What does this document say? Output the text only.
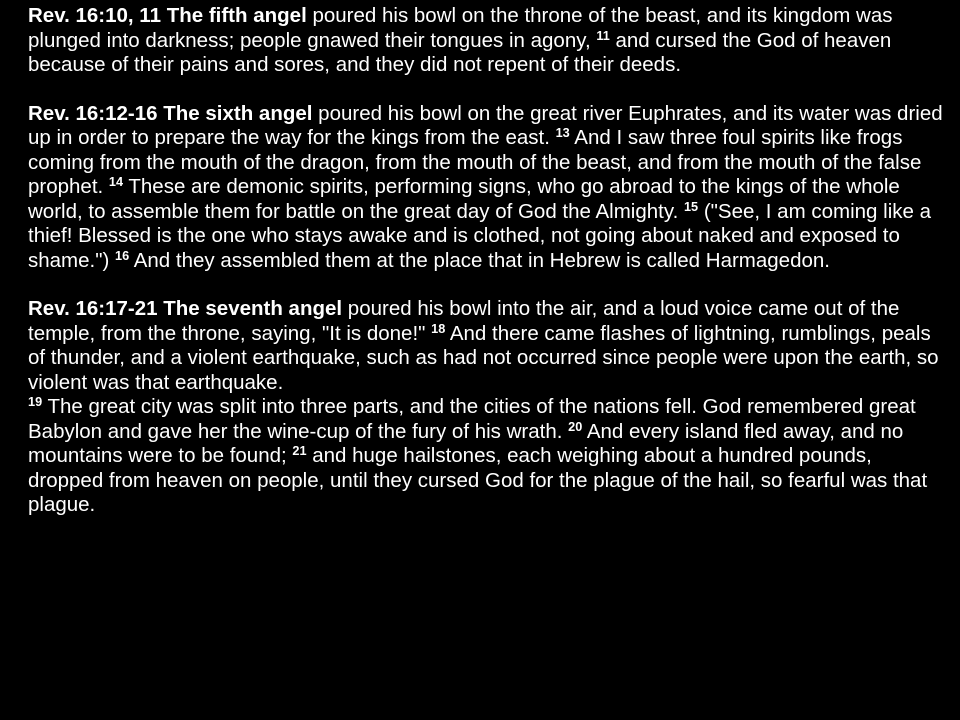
Rev. 16:10, 11 The fifth angel poured his bowl on the throne of the beast, and its kingdom was plunged into darkness; people gnawed their tongues in agony, $^{11}$ and cursed the God of heaven because of their pains and sores, and they did not repent of their deeds.

Rev. 16:12-16 The sixth angel poured his bowl on the great river Euphrates, and its water was dried up in order to prepare the way for the kings from the east. $^{13}$ And I saw three foul spirits like frogs coming from the mouth of the dragon, from the mouth of the beast, and from the mouth of the false prophet. $^{14}$ These are demonic spirits, performing signs, who go abroad to the kings of the whole world, to assemble them for battle on the great day of God the Almighty. $^{15}$ ("See, I am coming like a thief! Blessed is the one who stays awake and is clothed, not going about naked and exposed to shame.") $^{16}$ And they assembled them at the place that in Hebrew is called Harmagedon.

Rev. 16:17-21 The seventh angel poured his bowl into the air, and a loud voice came out of the temple, from the throne, saying, "It is done!" $^{18}$ And there came flashes of lightning, rumblings, peals of thunder, and a violent earthquake, such as had not occurred since people were upon the earth, so violent was that earthquake.
$^{19}$ The great city was split into three parts, and the cities of the nations fell. God remembered great Babylon and gave her the wine-cup of the fury of his wrath. $^{20}$ And every island fled away, and no mountains were to be found; $^{21}$ and huge hailstones, each weighing about a hundred pounds, dropped from heaven on people, until they cursed God for the plague of the hail, so fearful was that plague.
